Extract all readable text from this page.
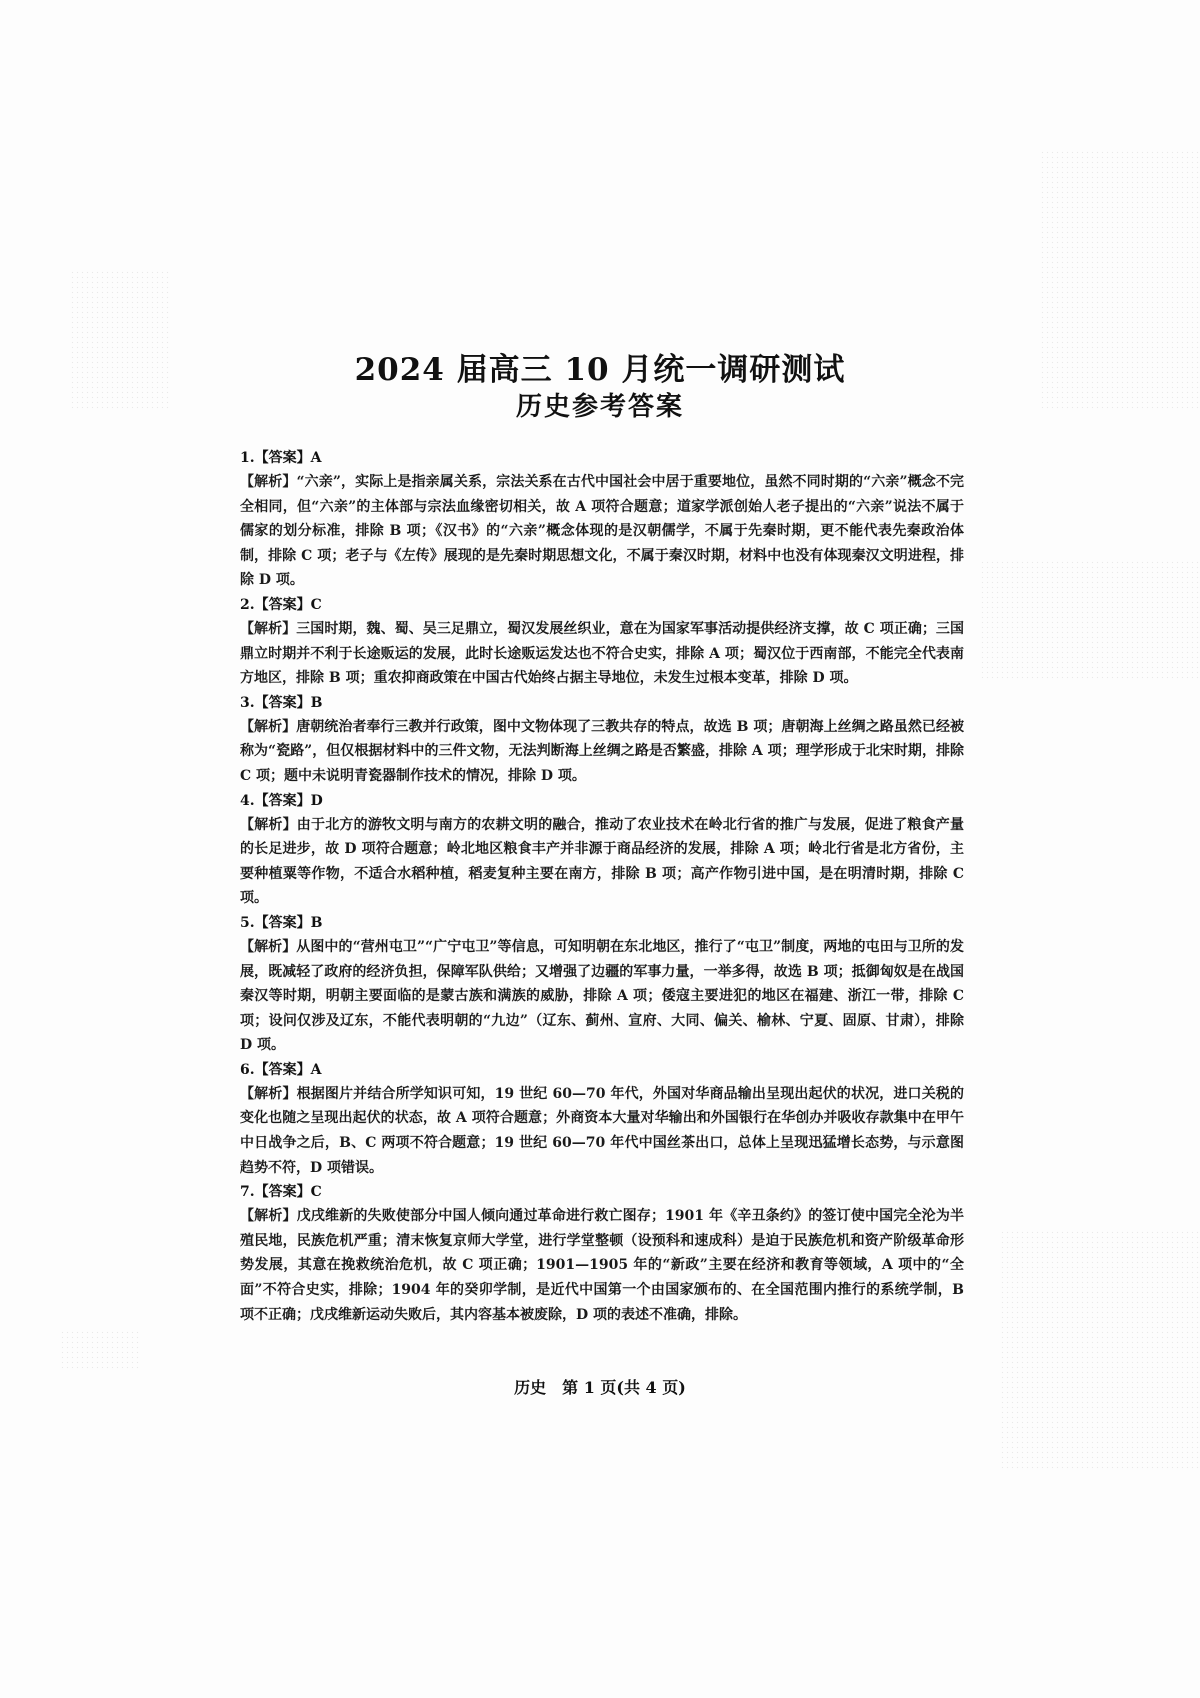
2024 届高三 10 月统一调研测试
历史参考答案
1.【答案】A
【解析】“六亲”，实际上是指亲属关系，宗法关系在古代中国社会中居于重要地位，虽然不同时期的“六亲”概念不完全相同，但“六亲”的主体部与宗法血缘密切相关，故 A 项符合题意；道家学派创始人老子提出的“六亲”说法不属于儒家的划分标准，排除 B 项；《汉书》的“六亲”概念体现的是汉朝儒学，不属于先秦时期，更不能代表先秦政治体制，排除 C 项；老子与《左传》展现的是先秦时期思想文化，不属于秦汉时期，材料中也没有体现秦汉文明进程，排除 D 项。
2.【答案】C
【解析】三国时期，魏、蜀、吴三足鼎立，蜀汉发展丝织业，意在为国家军事活动提供经济支撑，故 C 项正确；三国鼎立时期并不利于长途贩运的发展，此时长途贩运发达也不符合史实，排除 A 项；蜀汉位于西南部，不能完全代表南方地区，排除 B 项；重农抑商政策在中国古代始终占据主导地位，未发生过根本变革，排除 D 项。
3.【答案】B
【解析】唐朝统治者奉行三教并行政策，图中文物体现了三教共存的特点，故选 B 项；唐朝海上丝绸之路虽然已经被称为“瓷路”，但仅根据材料中的三件文物，无法判断海上丝绸之路是否繁盛，排除 A 项；理学形成于北宋时期，排除 C 项；题中未说明青瓷器制作技术的情况，排除 D 项。
4.【答案】D
【解析】由于北方的游牧文明与南方的农耕文明的融合，推动了农业技术在岭北行省的推广与发展，促进了粮食产量的长足进步，故 D 项符合题意；岭北地区粮食丰产并非源于商品经济的发展，排除 A 项；岭北行省是北方省份，主要种植粟等作物，不适合水稻种植，稻麦复种主要在南方，排除 B 项；高产作物引进中国，是在明清时期，排除 C 项。
5.【答案】B
【解析】从图中的“营州屯卫”“广宁屯卫”等信息，可知明朝在东北地区，推行了“屯卫”制度，两地的屯田与卫所的发展，既减轻了政府的经济负担，保障军队供给；又增强了边疆的军事力量，一举多得，故选 B 项；抵御匈奴是在战国秦汉等时期，明朝主要面临的是蒙古族和满族的威胁，排除 A 项；倭寇主要进犯的地区在福建、浙江一带，排除 C 项；设问仅涉及辽东，不能代表明朝的“九边”（辽东、蓟州、宣府、大同、偏关、榆林、宁夏、固原、甘肃），排除 D 项。
6.【答案】A
【解析】根据图片并结合所学知识可知，19 世纪 60—70 年代，外国对华商品输出呈现出起伏的状况，进口关税的变化也随之呈现出起伏的状态，故 A 项符合题意；外商资本大量对华输出和外国银行在华创办并吸收存款集中在甲午中日战争之后，B、C 两项不符合题意；19 世纪 60—70 年代中国丝茶出口，总体上呈现迅猛增长态势，与示意图趋势不符，D 项错误。
7.【答案】C
【解析】戊戌维新的失败使部分中国人倾向通过革命进行救亡图存；1901 年《辛丑条约》的签订使中国完全沦为半殖民地，民族危机严重；清末恢复京师大学堂，进行学堂整顿（设预科和速成科）是迫于民族危机和资产阶级革命形势发展，其意在挽救统治危机，故 C 项正确；1901—1905 年的“新政”主要在经济和教育等领域，A 项中的“全面”不符合史实，排除；1904 年的癸卯学制，是近代中国第一个由国家颁布的、在全国范围内推行的系统学制，B 项不正确；戊戌维新运动失败后，其内容基本被废除，D 项的表述不准确，排除。
历史　第 1 页(共 4 页)
